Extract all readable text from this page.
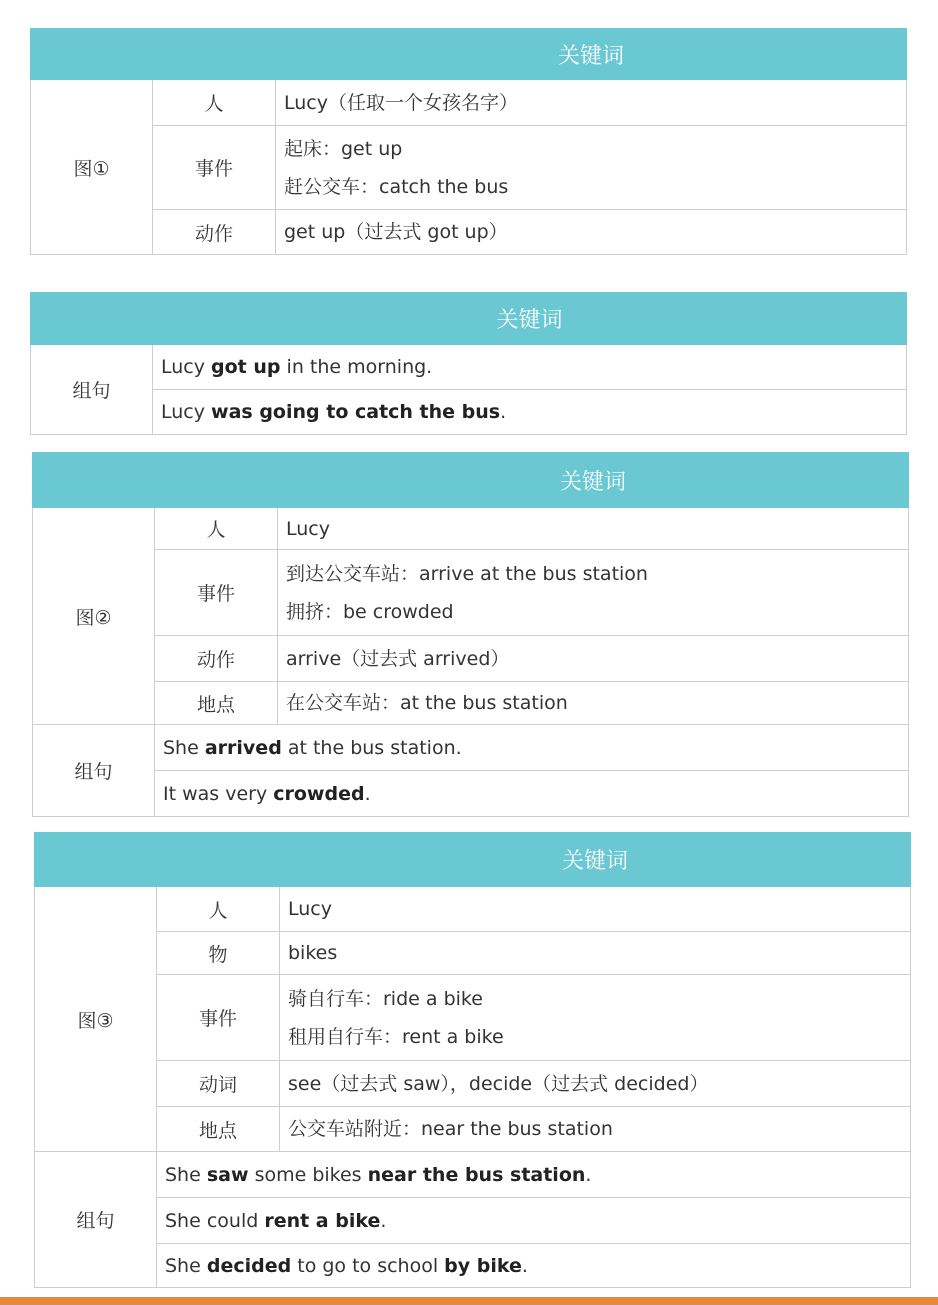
		关键词
图①	人	Lucy（任取一个女孩名字）

	事件	起床：get up
赶公交车：catch the bus

	动作	get up（过去式 got up）
	关键词
组句	Lucy got up in the morning.
	Lucy was going to catch the bus.
		关键词
图②	人	Lucy

	事件	到达公交车站：arrive at the bus station
拥挤：be crowded

	动作	arrive（过去式 arrived）

	地点	在公交车站：at the bus station

组句	She arrived at the bus station.	
	It was very crowded.	
		关键词
图③	人	Lucy

	物	bikes

	事件	骑自行车：ride a bike
租用自行车：rent a bike

	动词	see（过去式 saw），decide（过去式 decided）

	地点	公交车站附近：near the bus station

组句	She saw some bikes near the bus station.	
	She could rent a bike.	
	She decided to go to school by bike.	
